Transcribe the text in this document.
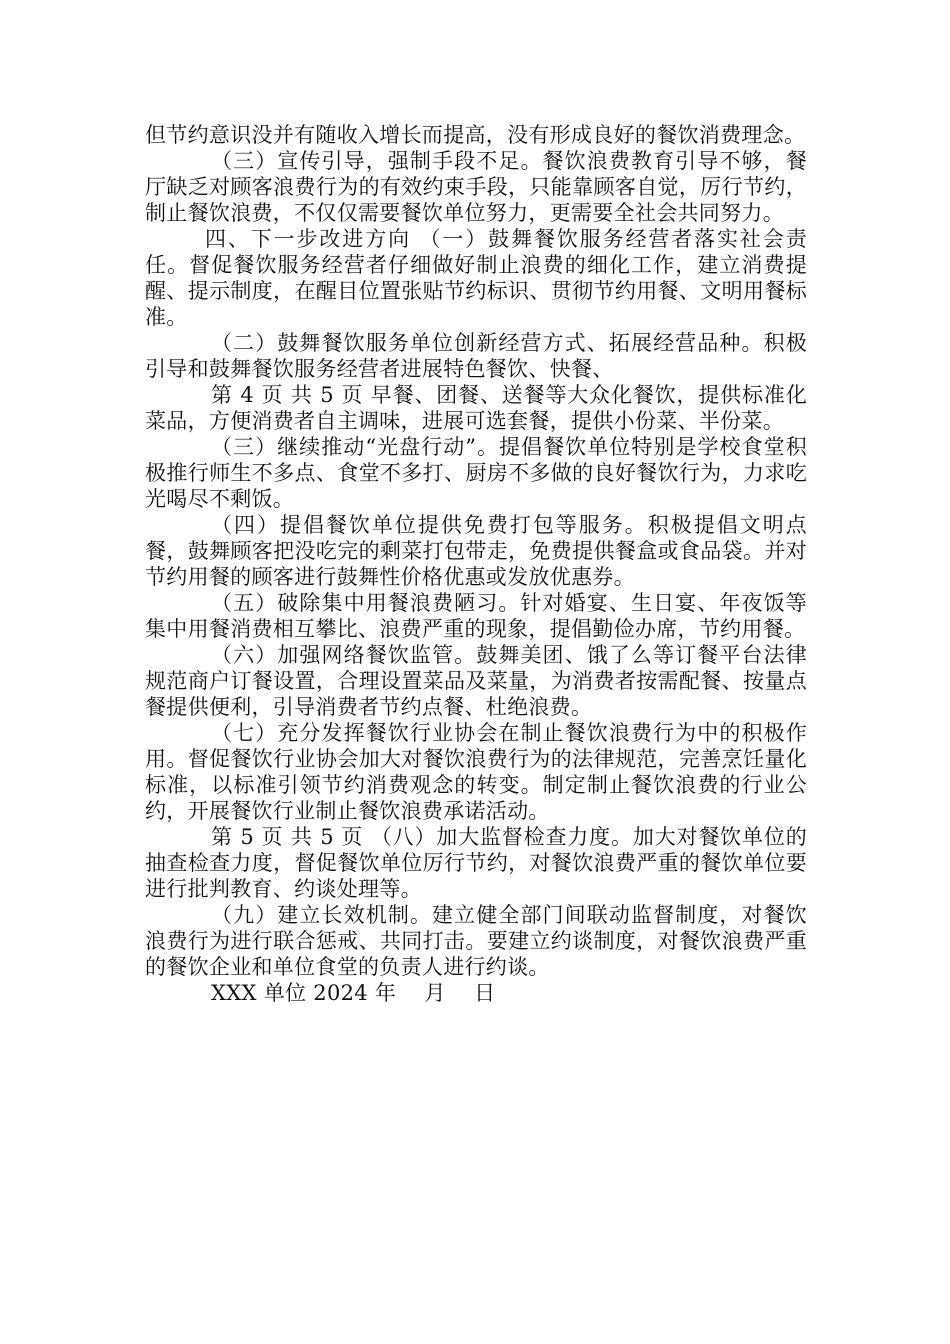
但节约意识没并有随收入增长而提高，没有形成良好的餐饮消费理念。

（三）宣传引导，强制手段不足。餐饮浪费教育引导不够，餐厅缺乏对顾客浪费行为的有效约束手段，只能靠顾客自觉，厉行节约，制止餐饮浪费，不仅仅需要餐饮单位努力，更需要全社会共同努力。

四、下一步改进方向 （一）鼓舞餐饮服务经营者落实社会责任。督促餐饮服务经营者仔细做好制止浪费的细化工作，建立消费提醒、提示制度，在醒目位置张贴节约标识、贯彻节约用餐、文明用餐标准。

（二）鼓舞餐饮服务单位创新经营方式、拓展经营品种。积极引导和鼓舞餐饮服务经营者进展特色餐饮、快餐、

第 4 页 共 5 页 早餐、团餐、送餐等大众化餐饮，提供标准化菜品，方便消费者自主调味，进展可选套餐，提供小份菜、半份菜。

（三）继续推动“光盘行动”。提倡餐饮单位特别是学校食堂积极推行师生不多点、食堂不多打、厨房不多做的良好餐饮行为，力求吃光喝尽不剩饭。

（四）提倡餐饮单位提供免费打包等服务。积极提倡文明点餐，鼓舞顾客把没吃完的剩菜打包带走，免费提供餐盒或食品袋。并对节约用餐的顾客进行鼓舞性价格优惠或发放优惠券。

（五）破除集中用餐浪费陋习。针对婚宴、生日宴、年夜饭等集中用餐消费相互攀比、浪费严重的现象，提倡勤俭办席，节约用餐。

（六）加强网络餐饮监管。鼓舞美团、饿了么等订餐平台法律规范商户订餐设置，合理设置菜品及菜量，为消费者按需配餐、按量点餐提供便利，引导消费者节约点餐、杜绝浪费。

（七）充分发挥餐饮行业协会在制止餐饮浪费行为中的积极作用。督促餐饮行业协会加大对餐饮浪费行为的法律规范，完善烹饪量化标准，以标准引领节约消费观念的转变。制定制止餐饮浪费的行业公约，开展餐饮行业制止餐饮浪费承诺活动。

第 5 页 共 5 页 （八）加大监督检查力度。加大对餐饮单位的抽查检查力度，督促餐饮单位厉行节约，对餐饮浪费严重的餐饮单位要进行批判教育、约谈处理等。

（九）建立长效机制。建立健全部门间联动监督制度，对餐饮浪费行为进行联合惩戒、共同打击。要建立约谈制度，对餐饮浪费严重的餐饮企业和单位食堂的负责人进行约谈。

XXX 单位 2024 年　 月　 日
